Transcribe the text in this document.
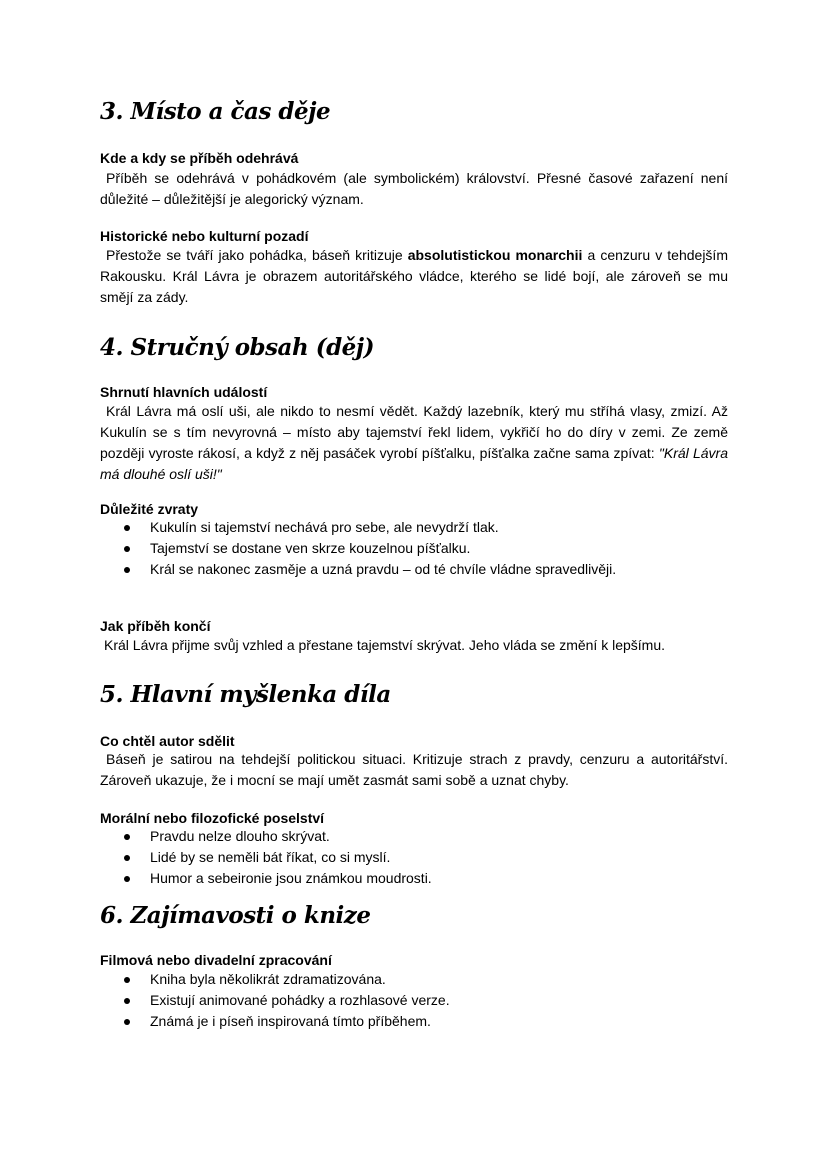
3. Místo a čas děje
Kde a kdy se příběh odehrává

Příběh se odehrává v pohádkovém (ale symbolickém) království. Přesné časové zařazení není důležité – důležitější je alegorický význam.

Historické nebo kulturní pozadí

Přestože se tváří jako pohádka, báseň kritizuje absolutistickou monarchii a cenzuru v tehdejším Rakousku. Král Lávra je obrazem autoritářského vládce, kterého se lidé bojí, ale zároveň se mu smějí za zády.

4. Stručný obsah (děj)
Shrnutí hlavních událostí

Král Lávra má oslí uši, ale nikdo to nesmí vědět. Každý lazebník, který mu stříhá vlasy, zmizí. Až Kukulín se s tím nevyrovná – místo aby tajemství řekl lidem, vykřičí ho do díry v zemi. Ze země později vyroste rákosí, a když z něj pasáček vyrobí píšťalku, píšťalka začne sama zpívat: "Král Lávra má dlouhé oslí uši!"

Důležité zvraty
Kukulín si tajemství nechává pro sebe, ale nevydrží tlak.
Tajemství se dostane ven skrze kouzelnou píšťalku.
Král se nakonec zasměje a uzná pravdu – od té chvíle vládne spravedlivěji.
Jak příběh končí

Král Lávra přijme svůj vzhled a přestane tajemství skrývat. Jeho vláda se změní k lepšímu.

5. Hlavní myšlenka díla
Co chtěl autor sdělit

Báseň je satirou na tehdejší politickou situaci. Kritizuje strach z pravdy, cenzuru a autoritářství. Zároveň ukazuje, že i mocní se mají umět zasmát sami sobě a uznat chyby.

Morální nebo filozofické poselství
Pravdu nelze dlouho skrývat.
Lidé by se neměli bát říkat, co si myslí.
Humor a sebeironie jsou známkou moudrosti.
6. Zajímavosti o knize
Filmová nebo divadelní zpracování
Kniha byla několikrát zdramatizována.
Existují animované pohádky a rozhlasové verze.
Známá je i píseň inspirovaná tímto příběhem.
